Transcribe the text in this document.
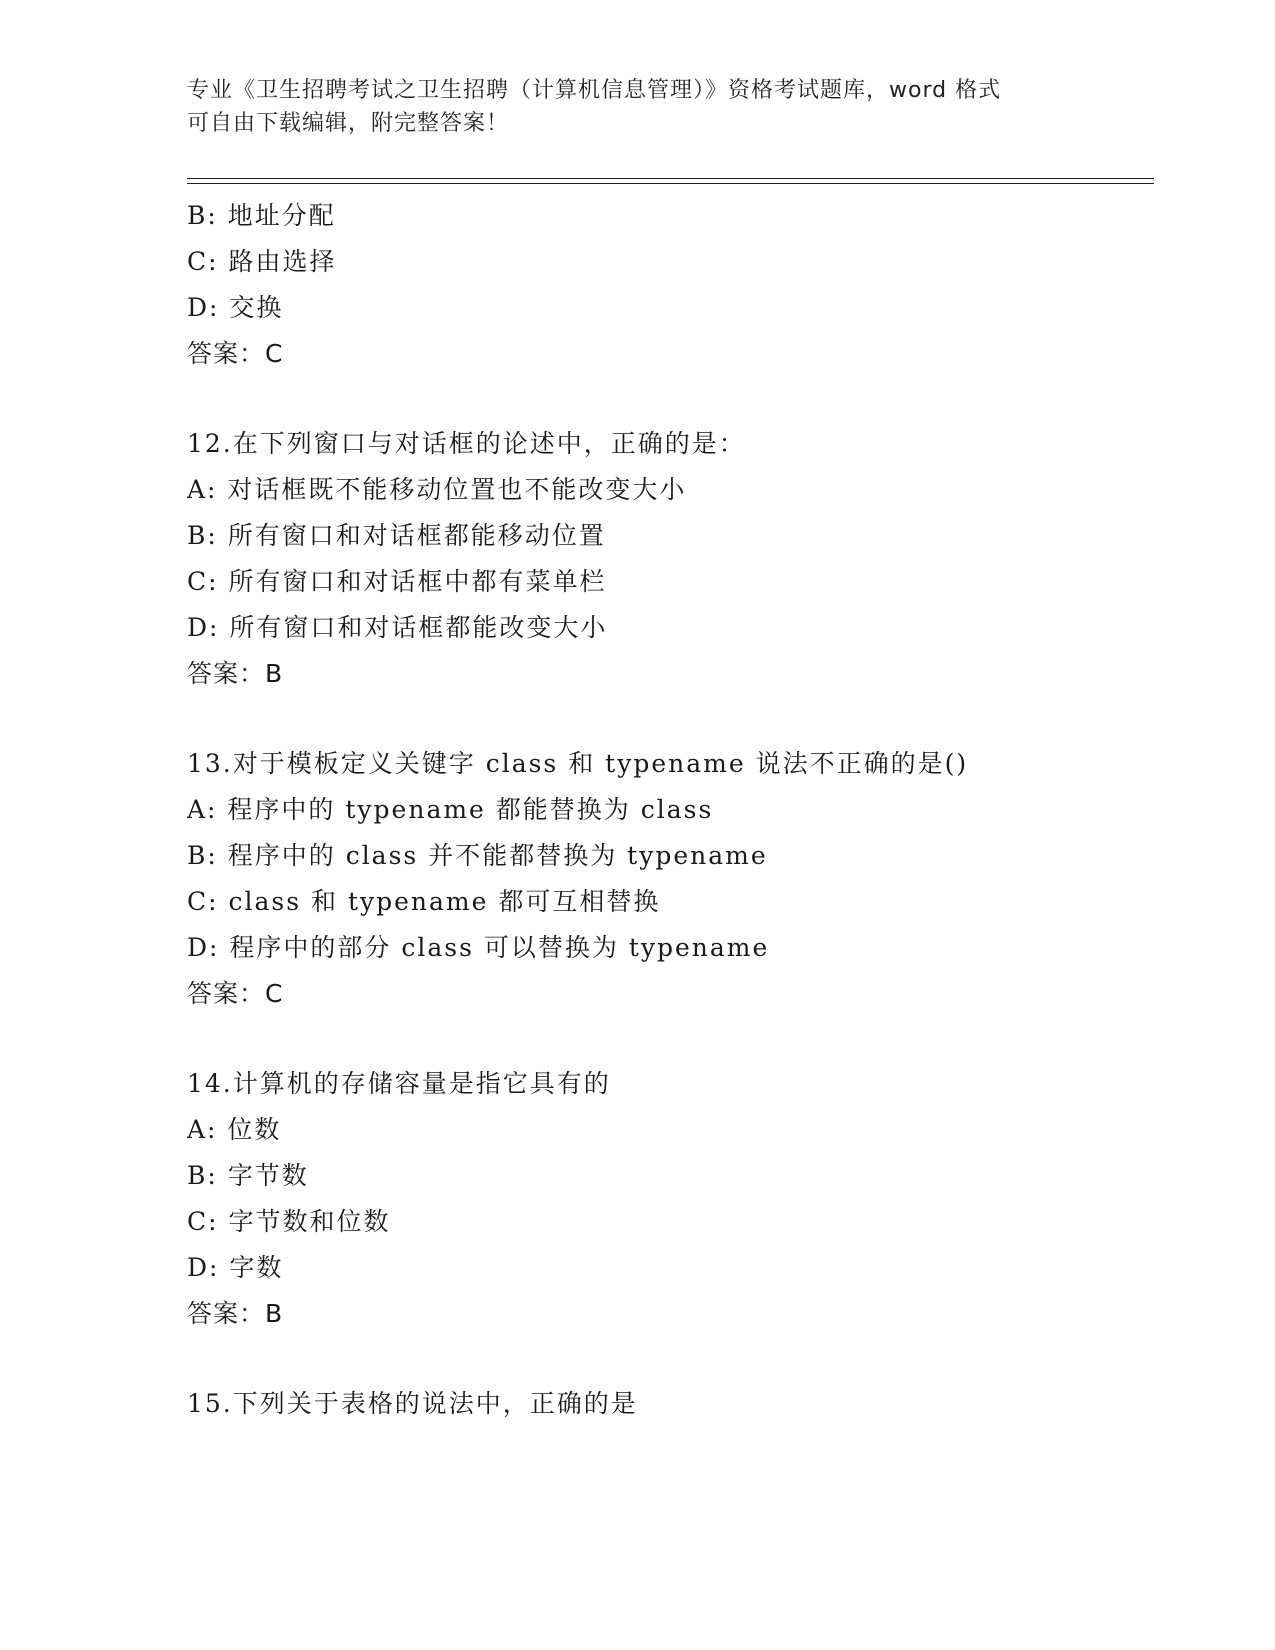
专业《卫生招聘考试之卫生招聘（计算机信息管理）》资格考试题库，word 格式
可自由下载编辑，附完整答案！
B: 地址分配
C: 路由选择
D: 交换
答案：C
12.在下列窗口与对话框的论述中，正确的是：
A: 对话框既不能移动位置也不能改变大小
B: 所有窗口和对话框都能移动位置
C: 所有窗口和对话框中都有菜单栏
D: 所有窗口和对话框都能改变大小
答案：B
13.对于模板定义关键字 class 和 typename 说法不正确的是()
A: 程序中的 typename 都能替换为 class
B: 程序中的 class 并不能都替换为 typename
C: class 和 typename 都可互相替换
D: 程序中的部分 class 可以替换为 typename
答案：C
14.计算机的存储容量是指它具有的
A: 位数
B: 字节数
C: 字节数和位数
D: 字数
答案：B
15.下列关于表格的说法中，正确的是
